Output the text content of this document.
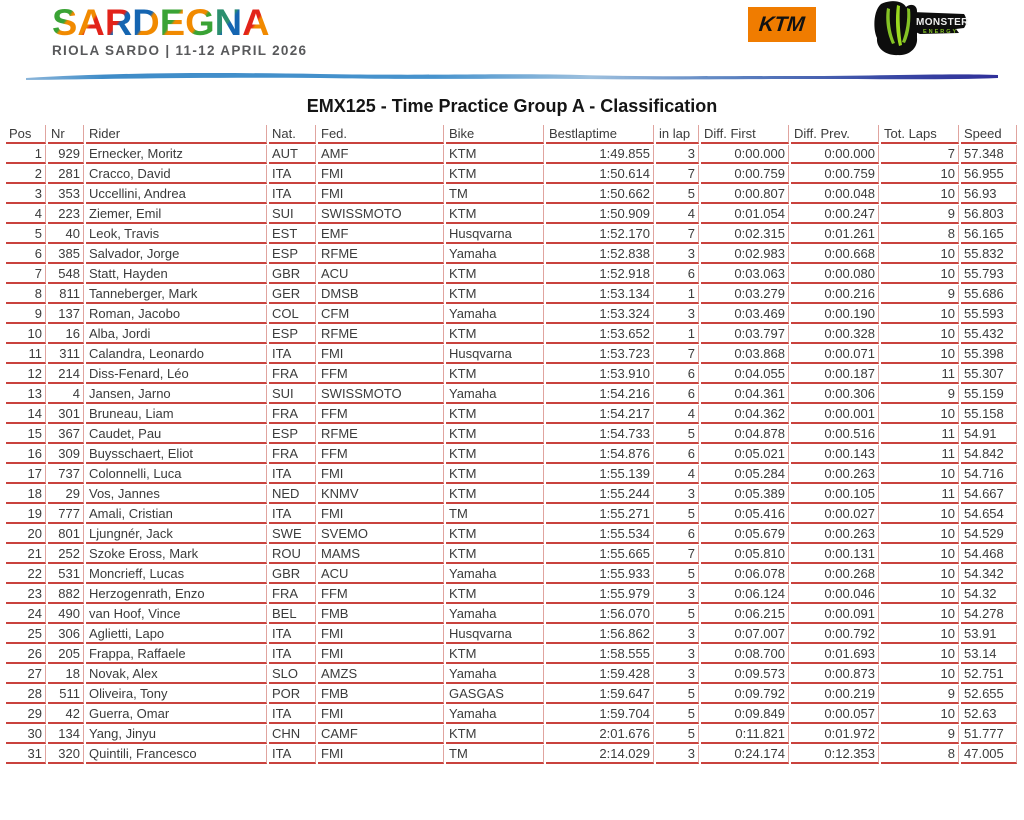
S A R D E G N A
RIOLA SARDO | 11-12 APRIL 2026
KTM	MONSTER
ENERGY
EMX125 - Time Practice Group A - Classification
Pos	Nr	Rider	Nat.	Fed.	Bike	Bestlaptime	in lap	Diff. First	Diff. Prev.	Tot. Laps	Speed
1	929	Ernecker, Moritz	AUT	AMF	KTM	1:49.855	3	0:00.000	0:00.000	7	57.348
2	281	Cracco, David	ITA	FMI	KTM	1:50.614	7	0:00.759	0:00.759	10	56.955
3	353	Uccellini, Andrea	ITA	FMI	TM	1:50.662	5	0:00.807	0:00.048	10	56.93
4	223	Ziemer, Emil	SUI	SWISSMOTO	KTM	1:50.909	4	0:01.054	0:00.247	9	56.803
5	40	Leok, Travis	EST	EMF	Husqvarna	1:52.170	7	0:02.315	0:01.261	8	56.165
6	385	Salvador, Jorge	ESP	RFME	Yamaha	1:52.838	3	0:02.983	0:00.668	10	55.832
7	548	Statt, Hayden	GBR	ACU	KTM	1:52.918	6	0:03.063	0:00.080	10	55.793
8	811	Tanneberger, Mark	GER	DMSB	KTM	1:53.134	1	0:03.279	0:00.216	9	55.686
9	137	Roman, Jacobo	COL	CFM	Yamaha	1:53.324	3	0:03.469	0:00.190	10	55.593
10	16	Alba, Jordi	ESP	RFME	KTM	1:53.652	1	0:03.797	0:00.328	10	55.432
11	311	Calandra, Leonardo	ITA	FMI	Husqvarna	1:53.723	7	0:03.868	0:00.071	10	55.398
12	214	Diss-Fenard, Léo	FRA	FFM	KTM	1:53.910	6	0:04.055	0:00.187	11	55.307
13	4	Jansen, Jarno	SUI	SWISSMOTO	Yamaha	1:54.216	6	0:04.361	0:00.306	9	55.159
14	301	Bruneau, Liam	FRA	FFM	KTM	1:54.217	4	0:04.362	0:00.001	10	55.158
15	367	Caudet, Pau	ESP	RFME	KTM	1:54.733	5	0:04.878	0:00.516	11	54.91
16	309	Buysschaert, Eliot	FRA	FFM	KTM	1:54.876	6	0:05.021	0:00.143	11	54.842
17	737	Colonnelli, Luca	ITA	FMI	KTM	1:55.139	4	0:05.284	0:00.263	10	54.716
18	29	Vos, Jannes	NED	KNMV	KTM	1:55.244	3	0:05.389	0:00.105	11	54.667
19	777	Amali, Cristian	ITA	FMI	TM	1:55.271	5	0:05.416	0:00.027	10	54.654
20	801	Ljungnér, Jack	SWE	SVEMO	KTM	1:55.534	6	0:05.679	0:00.263	10	54.529
21	252	Szoke Eross, Mark	ROU	MAMS	KTM	1:55.665	7	0:05.810	0:00.131	10	54.468
22	531	Moncrieff, Lucas	GBR	ACU	Yamaha	1:55.933	5	0:06.078	0:00.268	10	54.342
23	882	Herzogenrath, Enzo	FRA	FFM	KTM	1:55.979	3	0:06.124	0:00.046	10	54.32
24	490	van Hoof, Vince	BEL	FMB	Yamaha	1:56.070	5	0:06.215	0:00.091	10	54.278
25	306	Aglietti, Lapo	ITA	FMI	Husqvarna	1:56.862	3	0:07.007	0:00.792	10	53.91
26	205	Frappa, Raffaele	ITA	FMI	KTM	1:58.555	3	0:08.700	0:01.693	10	53.14
27	18	Novak, Alex	SLO	AMZS	Yamaha	1:59.428	3	0:09.573	0:00.873	10	52.751
28	511	Oliveira, Tony	POR	FMB	GASGAS	1:59.647	5	0:09.792	0:00.219	9	52.655
29	42	Guerra, Omar	ITA	FMI	Yamaha	1:59.704	5	0:09.849	0:00.057	10	52.63
30	134	Yang, Jinyu	CHN	CAMF	KTM	2:01.676	5	0:11.821	0:01.972	9	51.777
31	320	Quintili, Francesco	ITA	FMI	TM	2:14.029	3	0:24.174	0:12.353	8	47.005
